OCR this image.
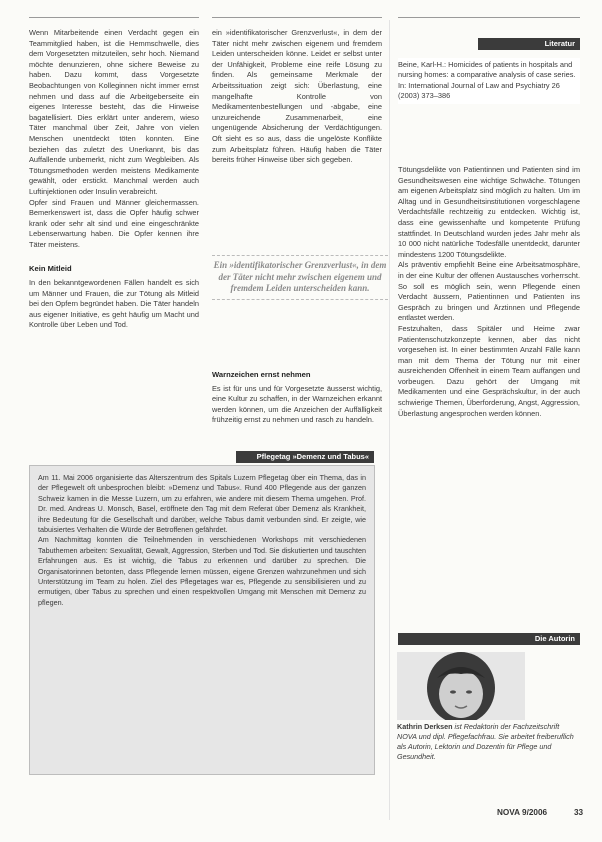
Wenn Mitarbeitende einen Verdacht gegen ein Teammitglied haben, ist die Hemmschwelle, dies dem Vorgesetzten mitzuteilen, sehr hoch. Niemand möchte denunzieren, ohne sichere Beweise zu haben. Dazu kommt, dass Vorgesetzte Beobachtungen von Kolleginnen nicht immer ernst nehmen und dass auf die Arbeitgeberseite ein eigenes Interesse besteht, das die Hinweise bagatellisiert. Dies erklärt unter anderem, wieso Täter manchmal über Zeit, Jahre von vielen Menschen unentdeckt töten konnten. Eine beziehen das zuletzt des Unerkannt, bis das Auffallende unbemerkt, nicht zum Wegbleiben. Als Tötungsmethoden werden meistens Medikamente gewählt, oder erstickt. Manchmal werden auch Luftinjektionen oder Insulin verabreicht.

Opfer sind Frauen und Männer gleichermassen. Bemerkenswert ist, dass die Opfer häufig schwer krank oder sehr alt sind und eine eingeschränkte Lebenserwartung haben. Die Opfer kennen ihre Täter meistens.

Kein Mitleid

In den bekanntgewordenen Fällen handelt es sich um Männer und Frauen, die zur Tötung als Mitleid bei den Opfern begründet haben. Die Täter handeln aus eigener Initiative, es geht häufig um Macht und Kontrolle über Leben und Tod.

ein »identifikatorischer Grenzverlust«, in dem der Täter nicht mehr zwischen eigenem und fremdem Leiden unterscheiden könne. Leidet er selbst unter der Unfähigkeit, Probleme eine reife Lösung zu finden. Als gemeinsame Merkmale der Arbeitssituation zeigt sich: Überlastung, eine mangelhafte Kontrolle von Medikamentenbestellungen und -abgabe, eine unzureichende Zusammenarbeit, eine ungenügende Absicherung der Verdächtigungen. Oft sieht es so aus, dass die ungelöste Konflikte zum Arbeitsplatz führen. Häufig haben die Täter bereits früher Hinweise über sich gegeben.

Ein »identifikatorischer Grenzverlust«, in dem der Täter nicht mehr zwischen eigenem und fremdem Leiden unterscheiden kann.
Warnzeichen ernst nehmen

Es ist für uns und für Vorgesetzte äusserst wichtig, eine Kultur zu schaffen, in der Warnzeichen erkannt werden können, um die Anzeichen der Auffälligkeit frühzeitig ernst zu nehmen und rasch zu handeln.

Literatur
Beine, Karl-H.: Homicides of patients in hospitals and nursing homes: a comparative analysis of case series. In: International Journal of Law and Psychiatry 26 (2003) 373–386

Tötungsdelikte von Patientinnen und Patienten sind im Gesundheitswesen eine wichtige Schwäche. Tötungen am eigenen Arbeitsplatz sind möglich zu halten. Um im Alltag und in Gesundheitsinstitutionen vorgeschlagene Verdachtsfälle rechtzeitig zu entdecken. Wichtig ist, dass eine gewissenhafte und kompetente Prüfung stattfindet. In Deutschland wurden jedes Jahr mehr als 10 000 nicht natürliche Todesfälle unentdeckt, darunter mindestens 1200 Tötungsdelikte.

Als präventiv empfiehlt Beine eine Arbeitsatmosphäre, in der eine Kultur der offenen Austausches vorherrscht. So soll es möglich sein, wenn Pflegende einen Verdacht äussern, Patientinnen und Patienten ins Gespräch zu bringen und Ärztinnen und Pflegende entlastet werden.

Festzuhalten, dass Spitäler und Heime zwar Patientenschutzkonzepte kennen, aber das nicht vorgesehen ist. In einer bestimmten Anzahl Fälle kann man mit dem Thema der Tötung nur mit einer ausreichenden Offenheit in einem Team auffangen und vorbeugen. Dazu gehört der Umgang mit Medikamenten und eine Gesprächskultur, in der auch schwierige Themen, Überforderung, Angst, Aggression, Überlastung angesprochen werden können.

Die Autorin
Kathrin Derksen ist Redaktorin der Fachzeitschrift NOVA und dipl. Pflegefachfrau. Sie arbeitet freiberuflich als Autorin, Lektorin und Dozentin für Pflege und Gesundheit.
Pflegetag »Demenz und Tabus«

Am 11. Mai 2006 organisierte das Alterszentrum des Spitals Luzern Pflegetag über ein Thema, das in der Pflegewelt oft unbesprochen bleibt: »Demenz und Tabus«. Rund 400 Pflegende aus der ganzen Schweiz kamen in die Messe Luzern, um zu erfahren, wie andere mit diesem Thema umgehen. Prof. Dr. med. Andreas U. Monsch, Basel, eröffnete den Tag mit dem Referat über Demenz als Krankheit, ihre Bedeutung für die Gesellschaft und darüber, welche Tabus damit verbunden sind. Er zeigte, wie tabuisiertes Verhalten die Würde der Betroffenen gefährdet.

Am Nachmittag konnten die Teilnehmenden in verschiedenen Workshops mit verschiedenen Tabuthemen arbeiten: Sexualität, Gewalt, Aggression, Sterben und Tod. Sie diskutierten und tauschten Erfahrungen aus. Es ist wichtig, die Tabus zu erkennen und darüber zu sprechen. Die Organisatorinnen betonten, dass Pflegende lernen müssen, eigene Grenzen wahrzunehmen und sich Unterstützung im Team zu holen. Ziel des Pflegetages war es, Pflegende zu sensibilisieren und zu ermutigen, über Tabus zu sprechen und einen respektvollen Umgang mit Menschen mit Demenz zu pflegen.

NOVA 9/2006	33
